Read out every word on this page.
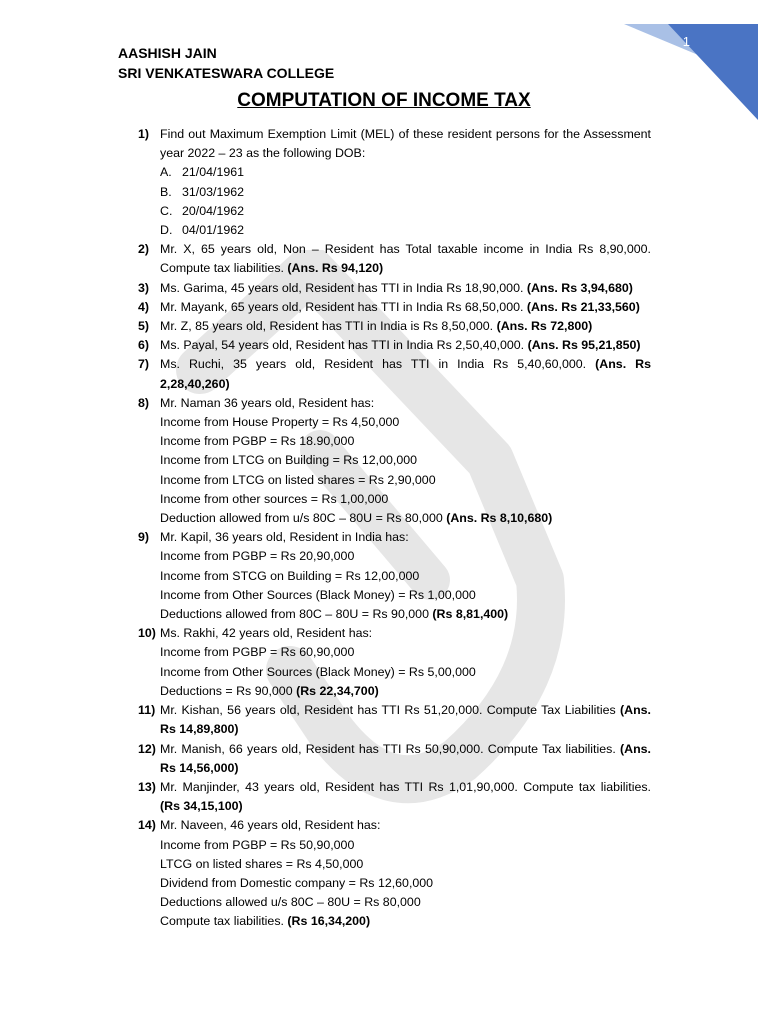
1
AASHISH JAIN
SRI VENKATESWARA COLLEGE
COMPUTATION OF INCOME TAX
1) Find out Maximum Exemption Limit (MEL) of these resident persons for the Assessment year 2022 – 23 as the following DOB:
A. 21/04/1961
B. 31/03/1962
C. 20/04/1962
D. 04/01/1962
2) Mr. X, 65 years old, Non – Resident has Total taxable income in India Rs 8,90,000. Compute tax liabilities. (Ans. Rs 94,120)
3) Ms. Garima, 45 years old, Resident has TTI in India Rs 18,90,000. (Ans. Rs 3,94,680)
4) Mr. Mayank, 65 years old, Resident has TTI in India Rs 68,50,000. (Ans. Rs 21,33,560)
5) Mr. Z, 85 years old, Resident has TTI in India is Rs 8,50,000. (Ans. Rs 72,800)
6) Ms. Payal, 54 years old, Resident has TTI in India Rs 2,50,40,000. (Ans. Rs 95,21,850)
7) Ms. Ruchi, 35 years old, Resident has TTI in India Rs 5,40,60,000. (Ans. Rs 2,28,40,260)
8) Mr. Naman 36 years old, Resident has:
Income from House Property = Rs 4,50,000
Income from PGBP = Rs 18.90,000
Income from LTCG on Building = Rs 12,00,000
Income from LTCG on listed shares = Rs 2,90,000
Income from other sources = Rs 1,00,000
Deduction allowed from u/s 80C – 80U = Rs 80,000 (Ans. Rs 8,10,680)
9) Mr. Kapil, 36 years old, Resident in India has:
Income from PGBP = Rs 20,90,000
Income from STCG on Building = Rs 12,00,000
Income from Other Sources (Black Money) = Rs 1,00,000
Deductions allowed from 80C – 80U = Rs 90,000 (Rs 8,81,400)
10) Ms. Rakhi, 42 years old, Resident has:
Income from PGBP = Rs 60,90,000
Income from Other Sources (Black Money) = Rs 5,00,000
Deductions = Rs 90,000 (Rs 22,34,700)
11) Mr. Kishan, 56 years old, Resident has TTI Rs 51,20,000. Compute Tax Liabilities (Ans. Rs 14,89,800)
12) Mr. Manish, 66 years old, Resident has TTI Rs 50,90,000. Compute Tax liabilities. (Ans. Rs 14,56,000)
13) Mr. Manjinder, 43 years old, Resident has TTI Rs 1,01,90,000. Compute tax liabilities. (Rs 34,15,100)
14) Mr. Naveen, 46 years old, Resident has:
Income from PGBP = Rs 50,90,000
LTCG on listed shares = Rs 4,50,000
Dividend from Domestic company = Rs 12,60,000
Deductions allowed u/s 80C – 80U = Rs 80,000
Compute tax liabilities. (Rs 16,34,200)
